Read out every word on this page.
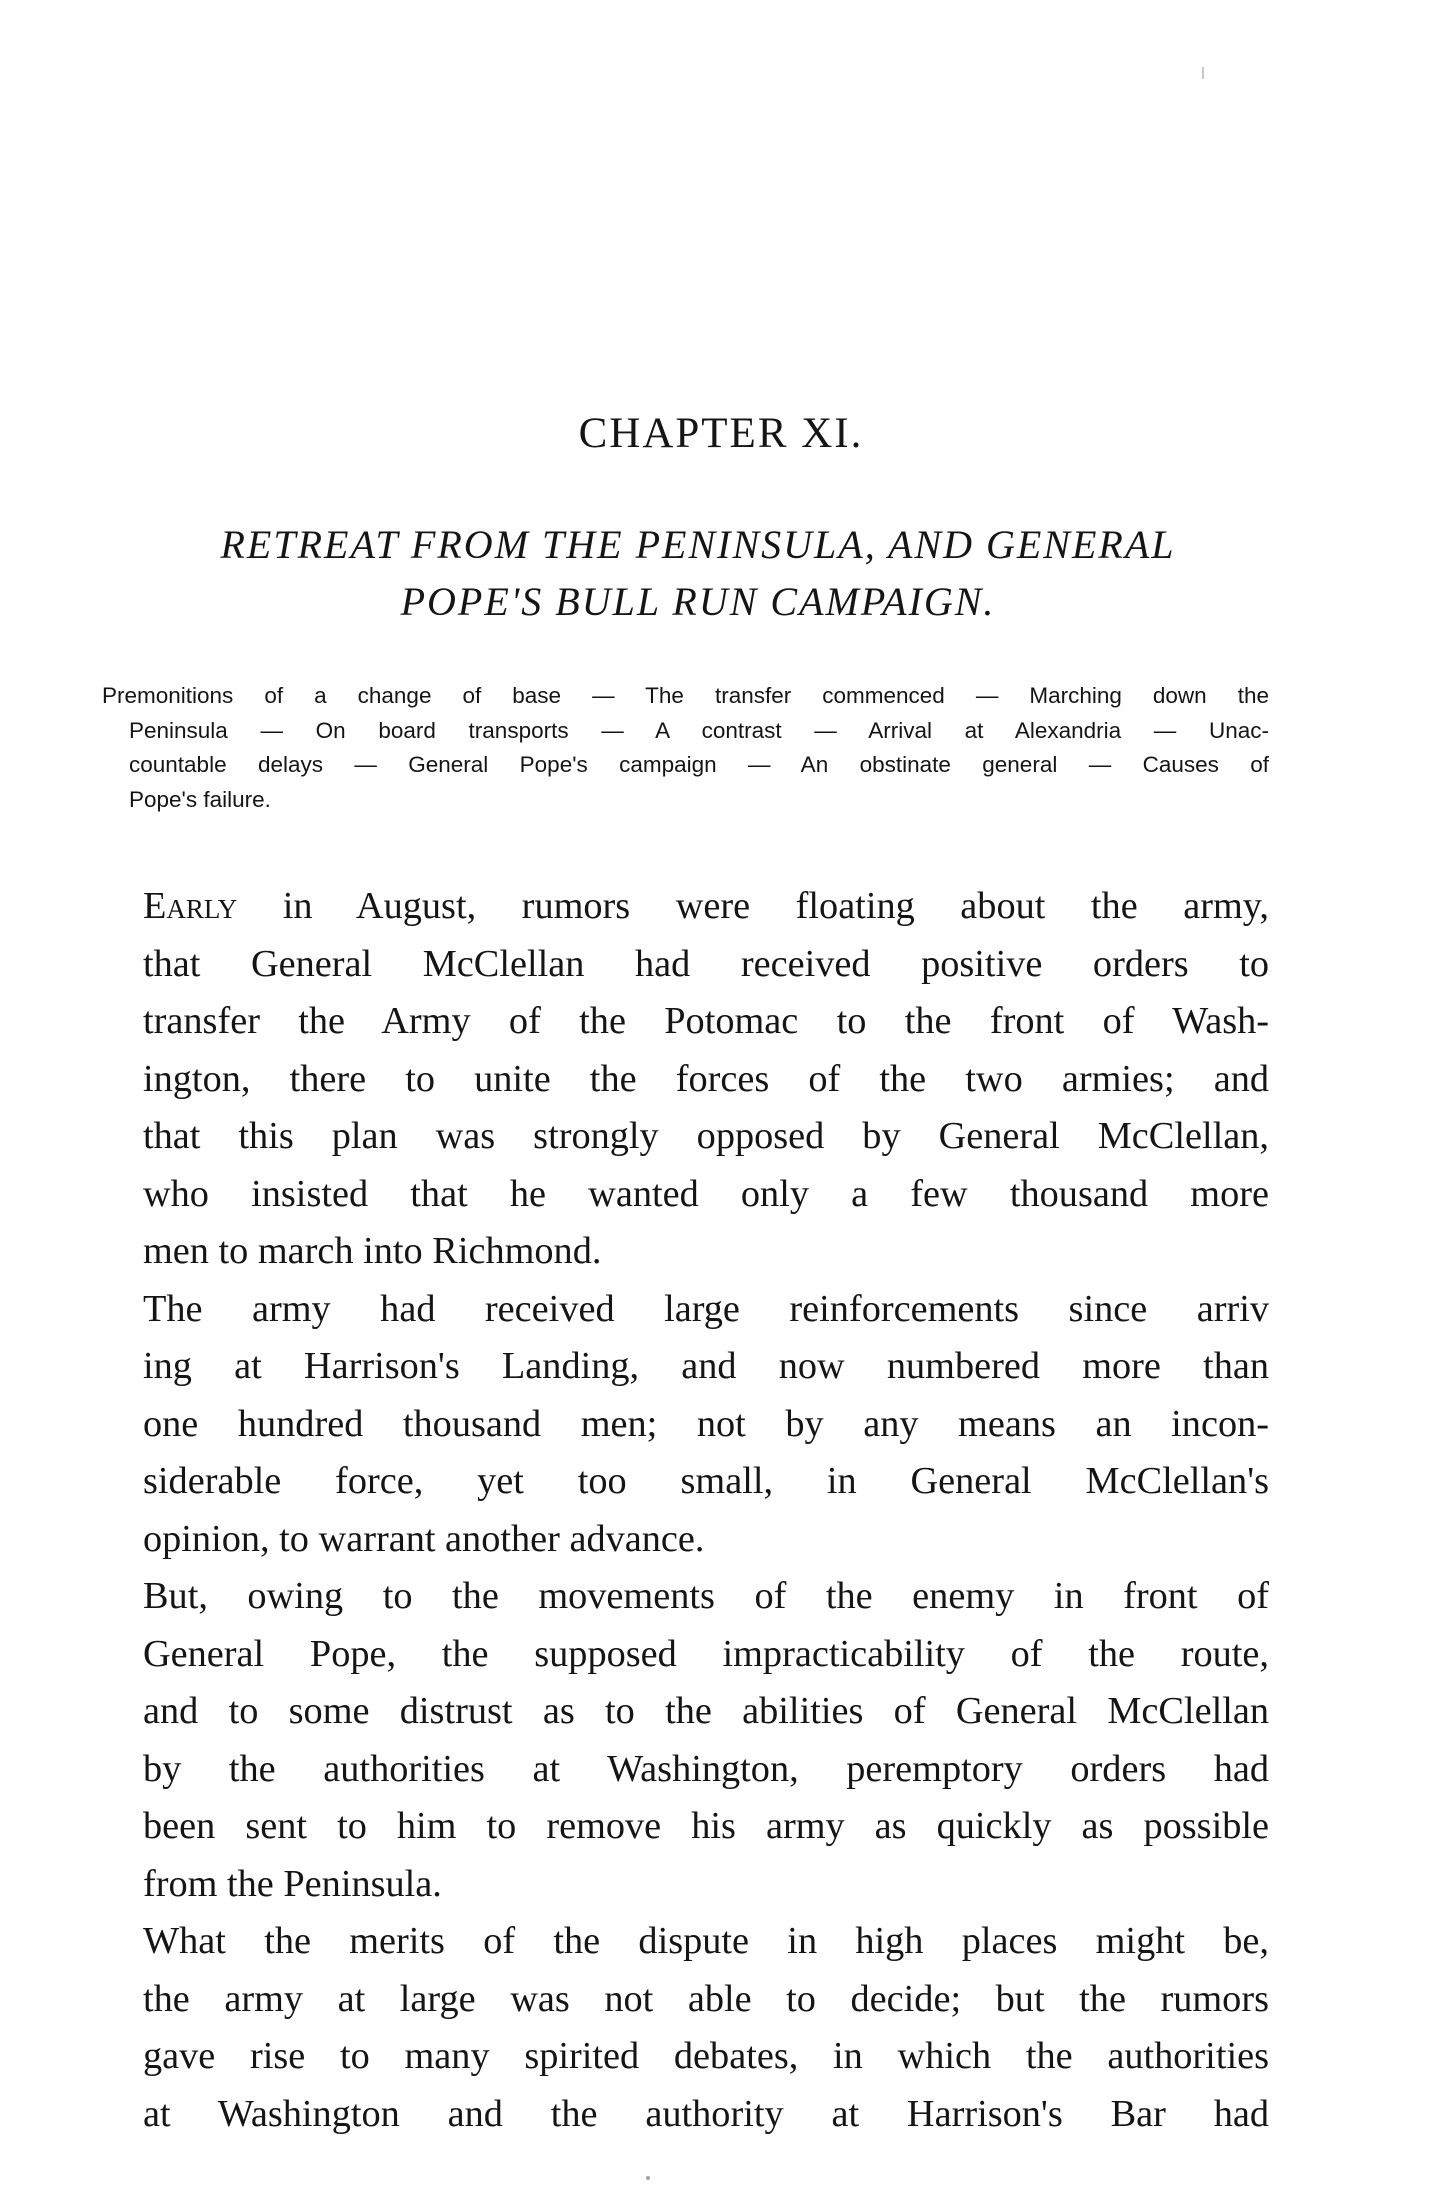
CHAPTER XI.
RETREAT FROM THE PENINSULA, AND GENERAL
POPE'S BULL RUN CAMPAIGN.
Premonitions of a change of base — The transfer commenced — Marching down the
Peninsula — On board transports — A contrast — Arrival at Alexandria — Unac-
countable delays — General Pope's campaign — An obstinate general — Causes of
Pope's failure.

Early in August, rumors were floating about the army,
that General McClellan had received positive orders to
transfer the Army of the Potomac to the front of Wash-
ington, there to unite the forces of the two armies; and
that this plan was strongly opposed by General McClellan,
who insisted that he wanted only a few thousand more
men to march into Richmond.

The army had received large reinforcements since arriv
ing at Harrison's Landing, and now numbered more than
one hundred thousand men; not by any means an incon-
siderable force, yet too small, in General McClellan's
opinion, to warrant another advance.

But, owing to the movements of the enemy in front of
General Pope, the supposed impracticability of the route,
and to some distrust as to the abilities of General McClellan
by the authorities at Washington, peremptory orders had
been sent to him to remove his army as quickly as possible
from the Peninsula.

What the merits of the dispute in high places might be,
the army at large was not able to decide; but the rumors
gave rise to many spirited debates, in which the authorities
at Washington and the authority at Harrison's Bar had
